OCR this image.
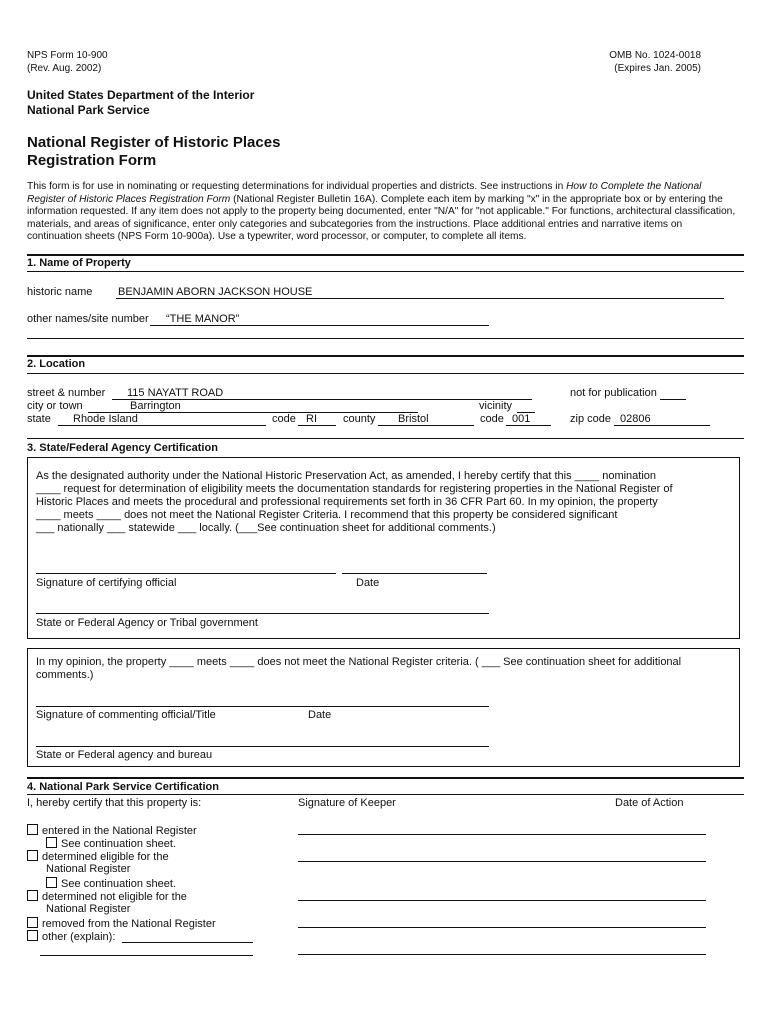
NPS Form 10-900
(Rev. Aug. 2002)
OMB No. 1024-0018
(Expires Jan. 2005)
United States Department of the Interior
National Park Service
National Register of Historic Places
Registration Form
This form is for use in nominating or requesting determinations for individual properties and districts. See instructions in How to Complete the National Register of Historic Places Registration Form (National Register Bulletin 16A). Complete each item by marking "x" in the appropriate box or by entering the information requested. If any item does not apply to the property being documented, enter "N/A" for "not applicable." For functions, architectural classification, materials, and areas of significance, enter only categories and subcategories from the instructions. Place additional entries and narrative items on continuation sheets (NPS Form 10-900a). Use a typewriter, word processor, or computer, to complete all items.
1. Name of Property
historic name BENJAMIN ABORN JACKSON HOUSE
other names/site number “THE MANOR”
2. Location
street & number 115 NAYATT ROAD	not for publication
city or town	Barrington	vicinity
state Rhode Island	code RI county Bristol	code 001	zip code 02806
3. State/Federal Agency Certification
As the designated authority under the National Historic Preservation Act, as amended, I hereby certify that this ____ nomination
____ request for determination of eligibility meets the documentation standards for registering properties in the National Register of
Historic Places and meets the procedural and professional requirements set forth in 36 CFR Part 60. In my opinion, the property
____ meets ____ does not meet the National Register Criteria. I recommend that this property be considered significant
___ nationally ___ statewide ___ locally. (___See continuation sheet for additional comments.)
Signature of certifying official	Date
State or Federal Agency or Tribal government
In my opinion, the property ____ meets ____ does not meet the National Register criteria. ( ___ See continuation sheet for additional
comments.)
Signature of commenting official/Title	Date
State or Federal agency and bureau
4. National Park Service Certification
I, hereby certify that this property is:	Signature of Keeper	Date of Action
entered in the National Register
See continuation sheet.
determined eligible for the
National Register
See continuation sheet.
determined not eligible for the
National Register
removed from the National Register
other (explain):
